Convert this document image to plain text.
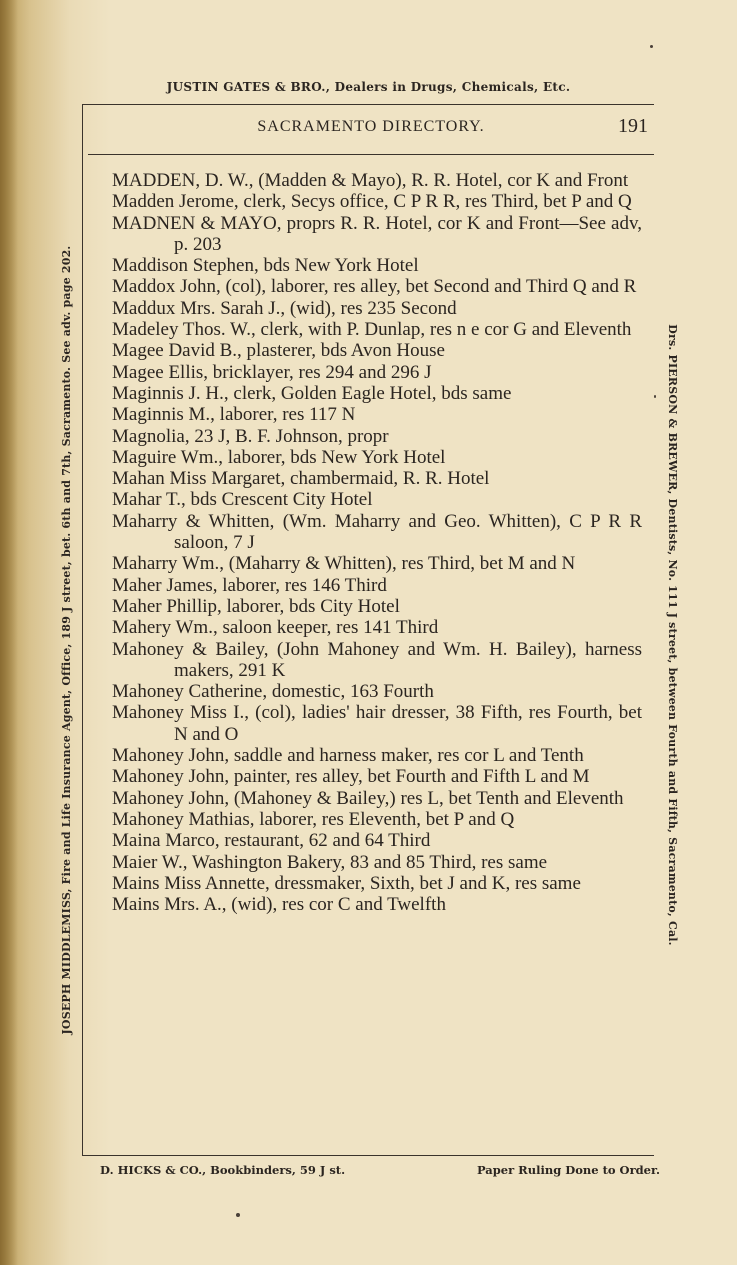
JUSTIN GATES & BRO., Dealers in Drugs, Chemicals, Etc.
JOSEPH MIDDLEMISS, Fire and Life Insurance Agent, Office, 189 J street, bet. 6th and 7th, Sacramento. See adv. page 202.	Drs. PIERSON & BREWER, Dentists, No. 111 J street, between Fourth and Fifth, Sacramento, Cal.
SACRAMENTO DIRECTORY.	191
MADDEN, D. W., (Madden & Mayo), R. R. Hotel, cor K and Front
Madden Jerome, clerk, Secys office, C P R R, res Third, bet P and Q
MADNEN & MAYO, proprs R. R. Hotel, cor K and Front—See adv, p. 203
Maddison Stephen, bds New York Hotel
Maddox John, (col), laborer, res alley, bet Second and Third Q and R
Maddux Mrs. Sarah J., (wid), res 235 Second
Madeley Thos. W., clerk, with P. Dunlap, res n e cor G and Eleventh
Magee David B., plasterer, bds Avon House
Magee Ellis, bricklayer, res 294 and 296 J
Maginnis J. H., clerk, Golden Eagle Hotel, bds same
Maginnis M., laborer, res 117 N
Magnolia, 23 J, B. F. Johnson, propr
Maguire Wm., laborer, bds New York Hotel
Mahan Miss Margaret, chambermaid, R. R. Hotel
Mahar T., bds Crescent City Hotel
Maharry & Whitten, (Wm. Maharry and Geo. Whitten), C P R R saloon, 7 J
Maharry Wm., (Maharry & Whitten), res Third, bet M and N
Maher James, laborer, res 146 Third
Maher Phillip, laborer, bds City Hotel
Mahery Wm., saloon keeper, res 141 Third
Mahoney & Bailey, (John Mahoney and Wm. H. Bailey), harness makers, 291 K
Mahoney Catherine, domestic, 163 Fourth
Mahoney Miss I., (col), ladies' hair dresser, 38 Fifth, res Fourth, bet N and O
Mahoney John, saddle and harness maker, res cor L and Tenth
Mahoney John, painter, res alley, bet Fourth and Fifth L and M
Mahoney John, (Mahoney & Bailey,) res L, bet Tenth and Eleventh
Mahoney Mathias, laborer, res Eleventh, bet P and Q
Maina Marco, restaurant, 62 and 64 Third
Maier W., Washington Bakery, 83 and 85 Third, res same
Mains Miss Annette, dressmaker, Sixth, bet J and K, res same
Mains Mrs. A., (wid), res cor C and Twelfth
D. HICKS & CO., Bookbinders, 59 J st.	Paper Ruling Done to Order.
